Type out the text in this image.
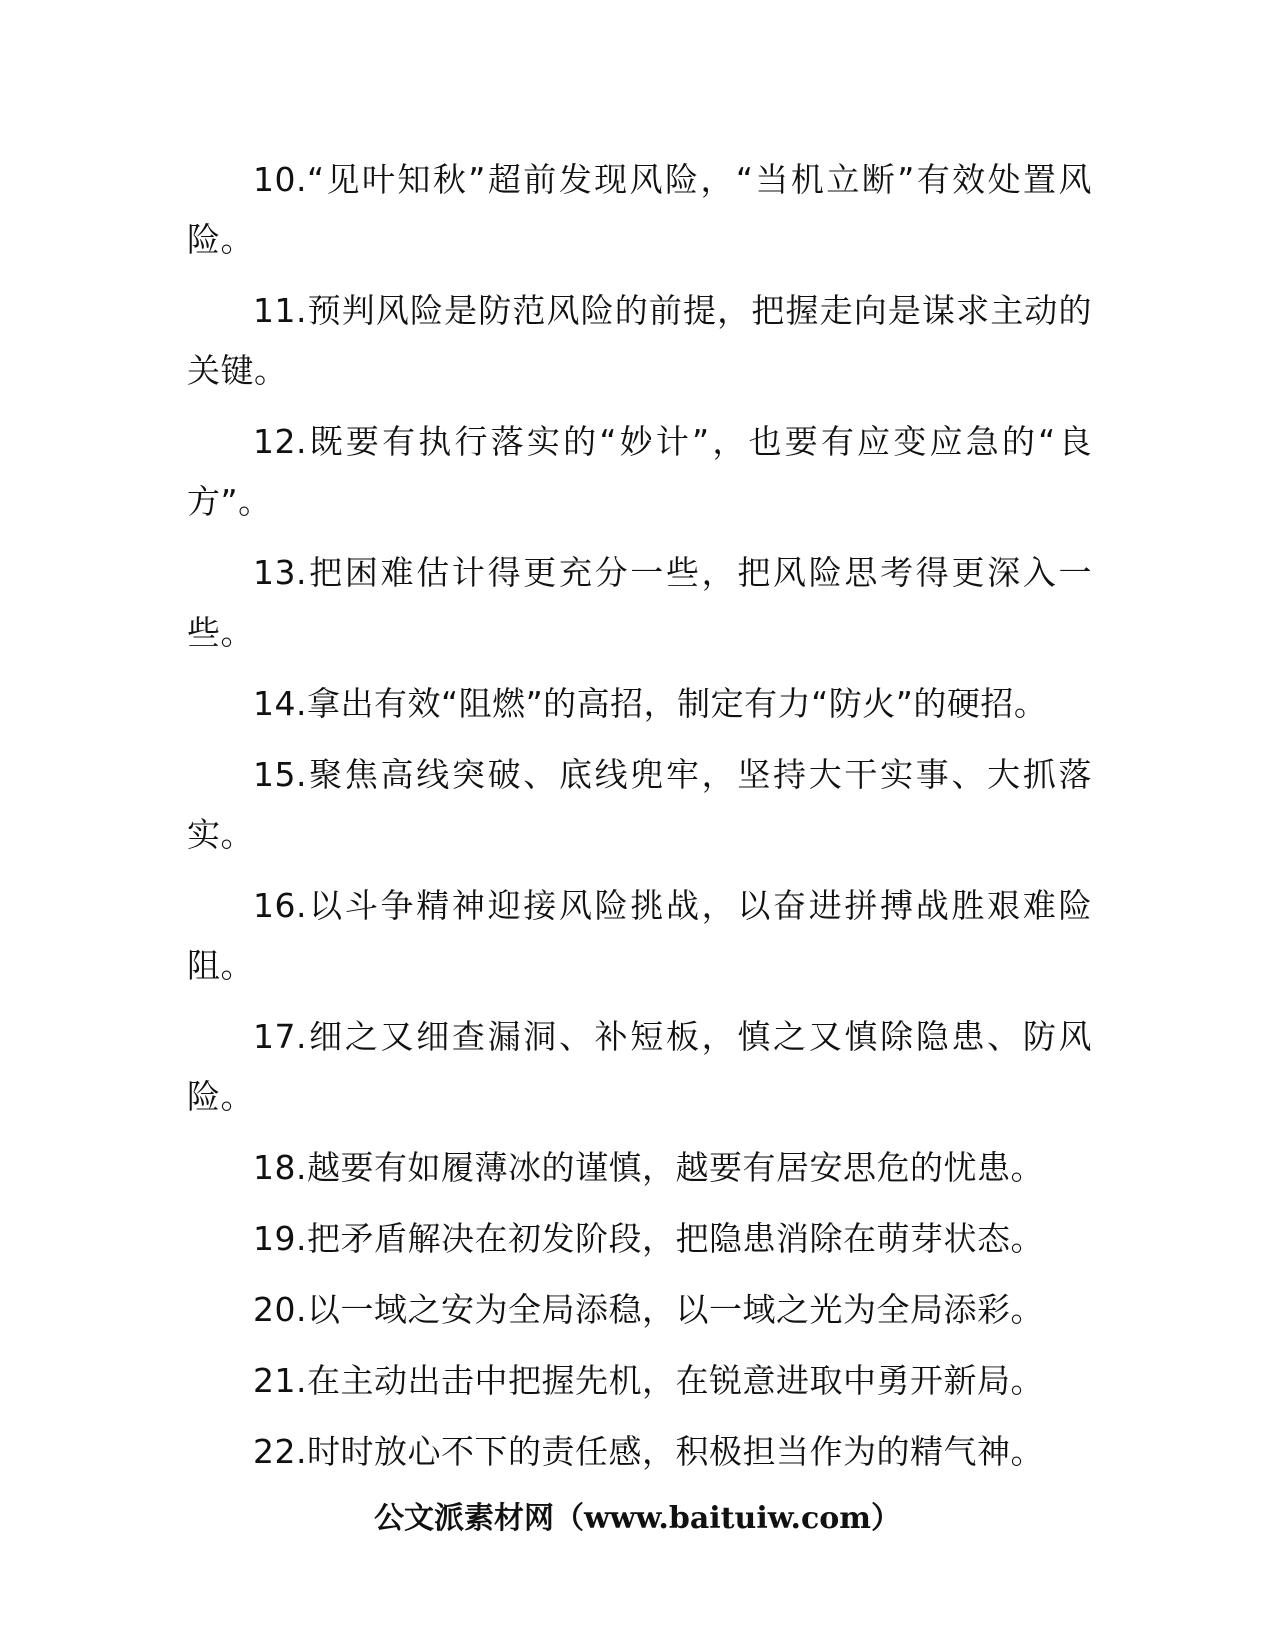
10.“见叶知秋”超前发现风险，“当机立断”有效处置风险。

11.预判风险是防范风险的前提，把握走向是谋求主动的关键。

12.既要有执行落实的“妙计”，也要有应变应急的“良方”。

13.把困难估计得更充分一些，把风险思考得更深入一些。

14.拿出有效“阻燃”的高招，制定有力“防火”的硬招。

15.聚焦高线突破、底线兜牢，坚持大干实事、大抓落实。

16.以斗争精神迎接风险挑战，以奋进拼搏战胜艰难险阻。

17.细之又细查漏洞、补短板，慎之又慎除隐患、防风险。

18.越要有如履薄冰的谨慎，越要有居安思危的忧患。

19.把矛盾解决在初发阶段，把隐患消除在萌芽状态。

20.以一域之安为全局添稳，以一域之光为全局添彩。

21.在主动出击中把握先机，在锐意进取中勇开新局。

22.时时放心不下的责任感，积极担当作为的精气神。

公文派素材网（www.baituiw.com）
